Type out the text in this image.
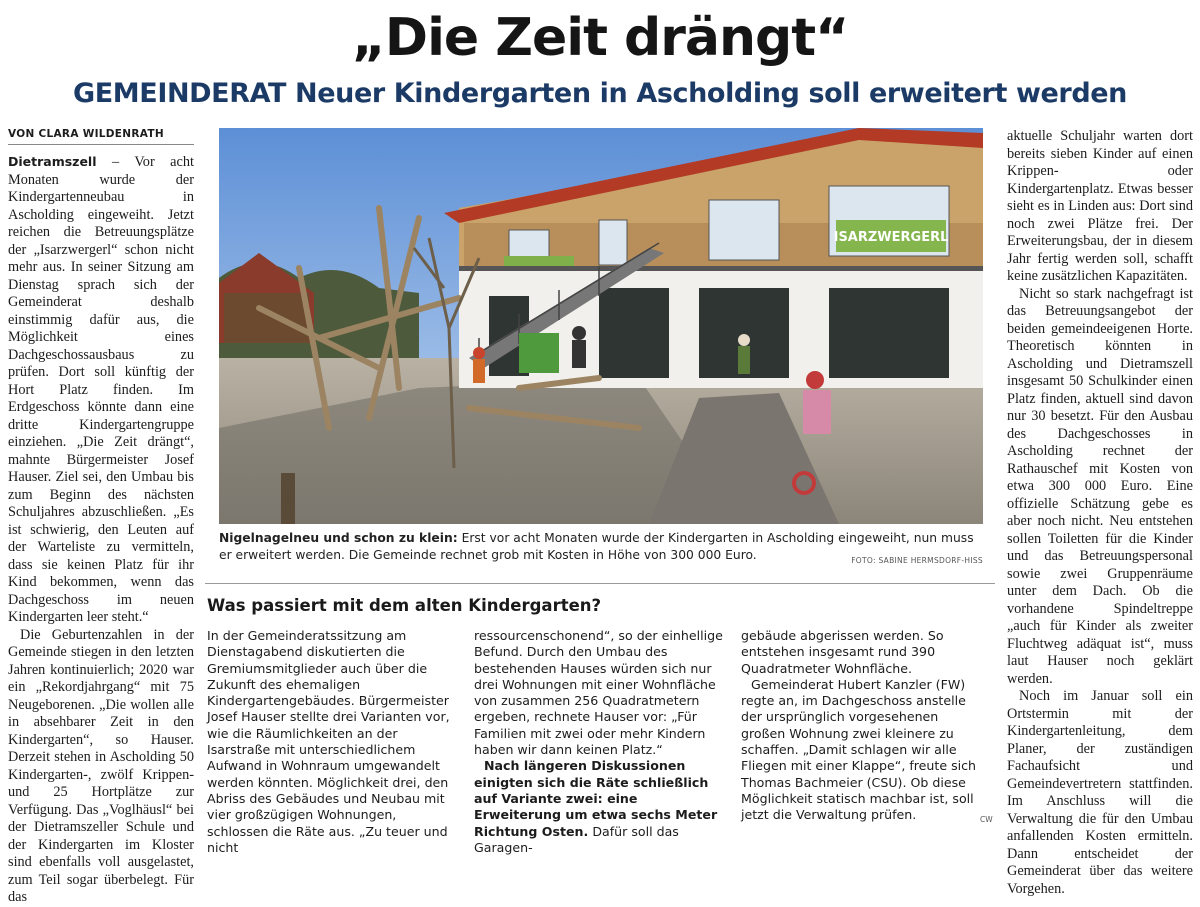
„Die Zeit drängt“
GEMEINDERAT Neuer Kindergarten in Ascholding soll erweitert werden
VON CLARA WILDENRATH

Dietramszell – Vor acht Monaten wurde der Kindergartenneubau in Ascholding eingeweiht. Jetzt reichen die Betreuungsplätze der „Isarzwergerl“ schon nicht mehr aus. In seiner Sitzung am Dienstag sprach sich der Gemeinderat deshalb einstimmig dafür aus, die Möglichkeit eines Dachgeschossausbaus zu prüfen. Dort soll künftig der Hort Platz finden. Im Erdgeschoss könnte dann eine dritte Kindergartengruppe einziehen. „Die Zeit drängt“, mahnte Bürgermeister Josef Hauser. Ziel sei, den Umbau bis zum Beginn des nächsten Schuljahres abzuschließen. „Es ist schwierig, den Leuten auf der Warteliste zu vermitteln, dass sie keinen Platz für ihr Kind bekommen, wenn das Dachgeschoss im neuen Kindergarten leer steht.“

Die Geburtenzahlen in der Gemeinde stiegen in den letzten Jahren kontinuierlich; 2020 war ein „Rekordjahrgang“ mit 75 Neugeborenen. „Die wollen alle in absehbarer Zeit in den Kindergarten“, so Hauser. Derzeit stehen in Ascholding 50 Kindergarten-, zwölf Krippen- und 25 Hortplätze zur Verfügung. Das „Voglhäusl“ bei der Dietramszeller Schule und der Kindergarten im Kloster sind ebenfalls voll ausgelastet, zum Teil sogar überbelegt. Für das

ISARZWERGERL
Nigelnagelneu und schon zu klein: Erst vor acht Monaten wurde der Kindergarten in Ascholding eingeweiht, nun muss er erweitert werden. Die Gemeinde rechnet grob mit Kosten in Höhe von 300 000 Euro.	FOTO: SABINE HERMSDORF-HISS
Was passiert mit dem alten Kindergarten?

In der Gemeinderatssitzung am Dienstagabend diskutierten die Gremiumsmitglieder auch über die Zukunft des ehemaligen Kindergartengebäudes. Bürgermeister Josef Hauser stellte drei Varianten vor, wie die Räumlichkeiten an der Isarstraße mit unterschiedlichem Aufwand in Wohnraum umgewandelt werden könnten. Möglichkeit drei, den Abriss des Gebäudes und Neubau mit vier großzügigen Wohnungen, schlossen die Räte aus. „Zu teuer und nicht

ressourcenschonend“, so der einhellige Befund. Durch den Umbau des bestehenden Hauses würden sich nur drei Wohnungen mit einer Wohnfläche von zusammen 256 Quadratmetern ergeben, rechnete Hauser vor: „Für Familien mit zwei oder mehr Kindern haben wir dann keinen Platz.“

Nach längeren Diskussionen einigten sich die Räte schließlich auf Variante zwei: eine Erweiterung um etwa sechs Meter Richtung Osten. Dafür soll das Garagen-

gebäude abgerissen werden. So entstehen insgesamt rund 390 Quadratmeter Wohnfläche.

Gemeinderat Hubert Kanzler (FW) regte an, im Dachgeschoss anstelle der ursprünglich vorgesehenen großen Wohnung zwei kleinere zu schaffen. „Damit schlagen wir alle Fliegen mit einer Klappe“, freute sich Thomas Bachmeier (CSU). Ob diese Möglichkeit statisch machbar ist, soll jetzt die Verwaltung prüfen.	CW

aktuelle Schuljahr warten dort bereits sieben Kinder auf einen Krippen- oder Kindergartenplatz. Etwas besser sieht es in Linden aus: Dort sind noch zwei Plätze frei. Der Erweiterungsbau, der in diesem Jahr fertig werden soll, schafft keine zusätzlichen Kapazitäten.

Nicht so stark nachgefragt ist das Betreuungsangebot der beiden gemeindeeigenen Horte. Theoretisch könnten in Ascholding und Dietramszell insgesamt 50 Schulkinder einen Platz finden, aktuell sind davon nur 30 besetzt. Für den Ausbau des Dachgeschosses in Ascholding rechnet der Rathauschef mit Kosten von etwa 300 000 Euro. Eine offizielle Schätzung gebe es aber noch nicht. Neu entstehen sollen Toiletten für die Kinder und das Betreuungspersonal sowie zwei Gruppenräume unter dem Dach. Ob die vorhandene Spindeltreppe „auch für Kinder als zweiter Fluchtweg adäquat ist“, muss laut Hauser noch geklärt werden.

Noch im Januar soll ein Ortstermin mit der Kindergartenleitung, dem Planer, der zuständigen Fachaufsicht und Gemeindevertretern stattfinden. Im Anschluss will die Verwaltung die für den Umbau anfallenden Kosten ermitteln. Dann entscheidet der Gemeinderat über das weitere Vorgehen.
